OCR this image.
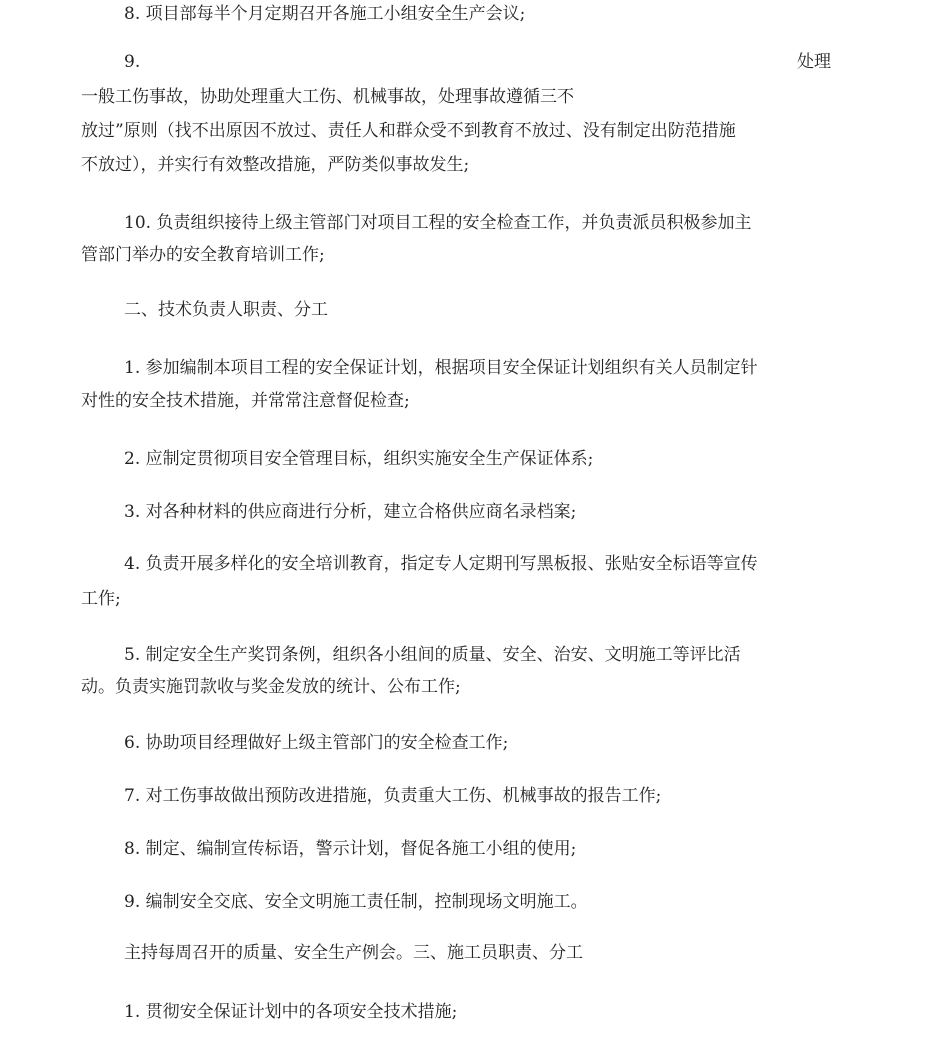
8. 项目部每半个月定期召开各施工小组安全生产会议;
9.	处理
一般工伤事故，协助处理重大工伤、机械事故，处理事故遵循三不
放过”原则（找不出原因不放过、责任人和群众受不到教育不放过、没有制定出防范措施
不放过），并实行有效整改措施，严防类似事故发生;
10. 负责组织接待上级主管部门对项目工程的安全检查工作，并负责派员积极参加主
管部门举办的安全教育培训工作;
二、技术负责人职责、分工
1. 参加编制本项目工程的安全保证计划，根据项目安全保证计划组织有关人员制定针
对性的安全技术措施，并常常注意督促检查;
2. 应制定贯彻项目安全管理目标，组织实施安全生产保证体系;
3. 对各种材料的供应商进行分析，建立合格供应商名录档案;
4. 负责开展多样化的安全培训教育，指定专人定期刊写黑板报、张贴安全标语等宣传
工作;
5. 制定安全生产奖罚条例，组织各小组间的质量、安全、治安、文明施工等评比活
动。负责实施罚款收与奖金发放的统计、公布工作;
6. 协助项目经理做好上级主管部门的安全检查工作;
7. 对工伤事故做出预防改进措施，负责重大工伤、机械事故的报告工作;
8. 制定、编制宣传标语，警示计划，督促各施工小组的使用;
9. 编制安全交底、安全文明施工责任制，控制现场文明施工。
主持每周召开的质量、安全生产例会。三、施工员职责、分工
1. 贯彻安全保证计划中的各项安全技术措施;
